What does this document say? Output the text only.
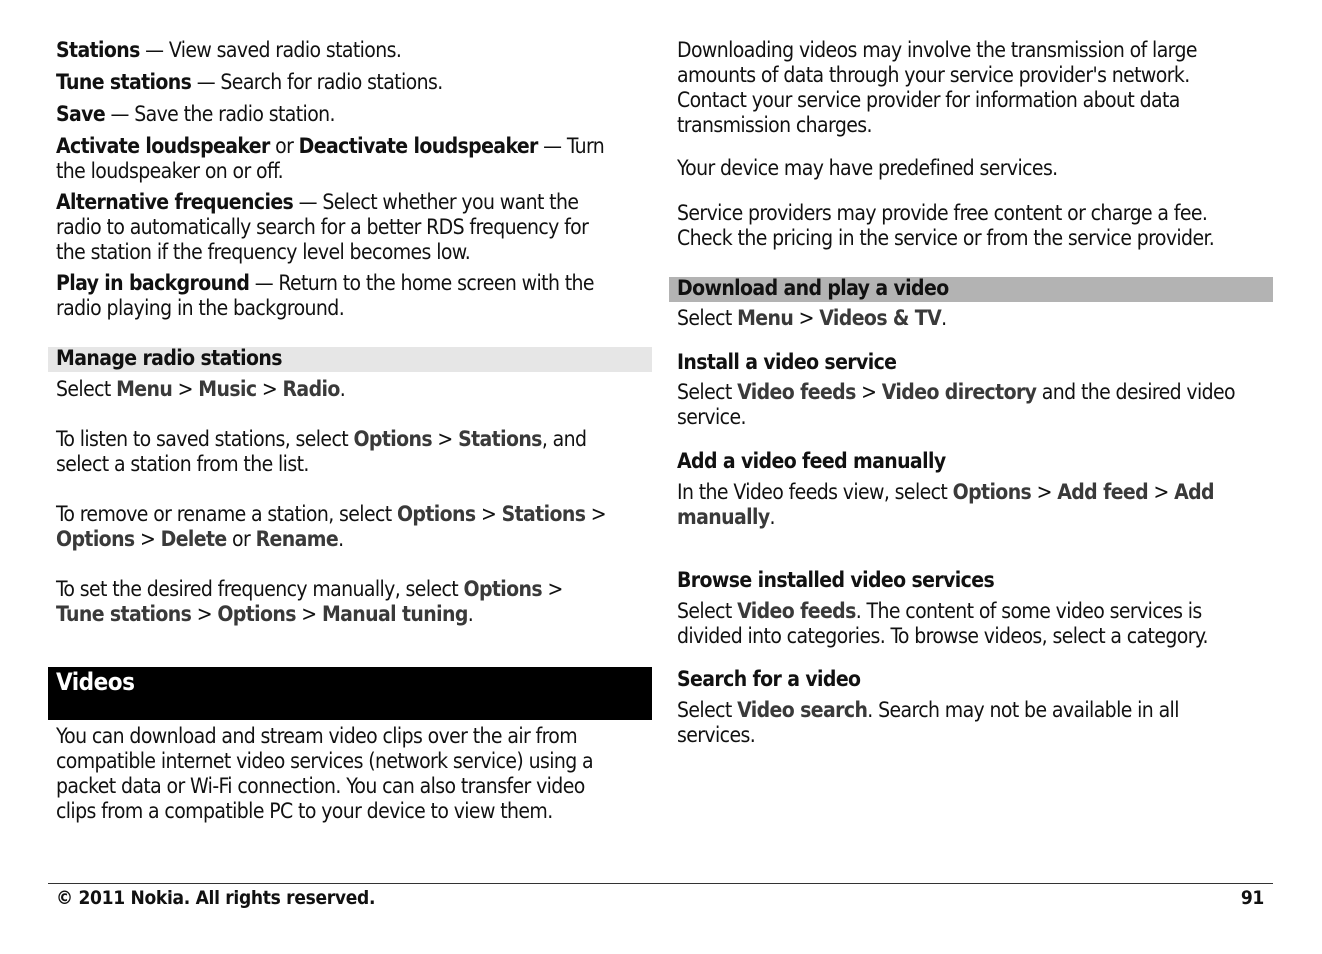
Stations — View saved radio stations.

Tune stations — Search for radio stations.

Save — Save the radio station.

Activate loudspeaker or Deactivate loudspeaker — Turn
the loudspeaker on or off.

Alternative frequencies — Select whether you want the
radio to automatically search for a better RDS frequency for
the station if the frequency level becomes low.

Play in background — Return to the home screen with the
radio playing in the background.

Manage radio stations

Select Menu > Music > Radio.

To listen to saved stations, select Options > Stations, and
select a station from the list.

To remove or rename a station, select Options > Stations >
Options > Delete or Rename.

To set the desired frequency manually, select Options >
Tune stations > Options > Manual tuning.

Videos

You can download and stream video clips over the air from
compatible internet video services (network service) using a
packet data or Wi-Fi connection. You can also transfer video
clips from a compatible PC to your device to view them.

Downloading videos may involve the transmission of large
amounts of data through your service provider's network.
Contact your service provider for information about data
transmission charges.

Your device may have predefined services.

Service providers may provide free content or charge a fee.
Check the pricing in the service or from the service provider.

Download and play a video

Select Menu > Videos & TV.

Install a video service

Select Video feeds > Video directory and the desired video
service.

Add a video feed manually

In the Video feeds view, select Options > Add feed > Add
manually.

Browse installed video services

Select Video feeds. The content of some video services is
divided into categories. To browse videos, select a category.

Search for a video

Select Video search. Search may not be available in all
services.

© 2011 Nokia. All rights reserved.	91
